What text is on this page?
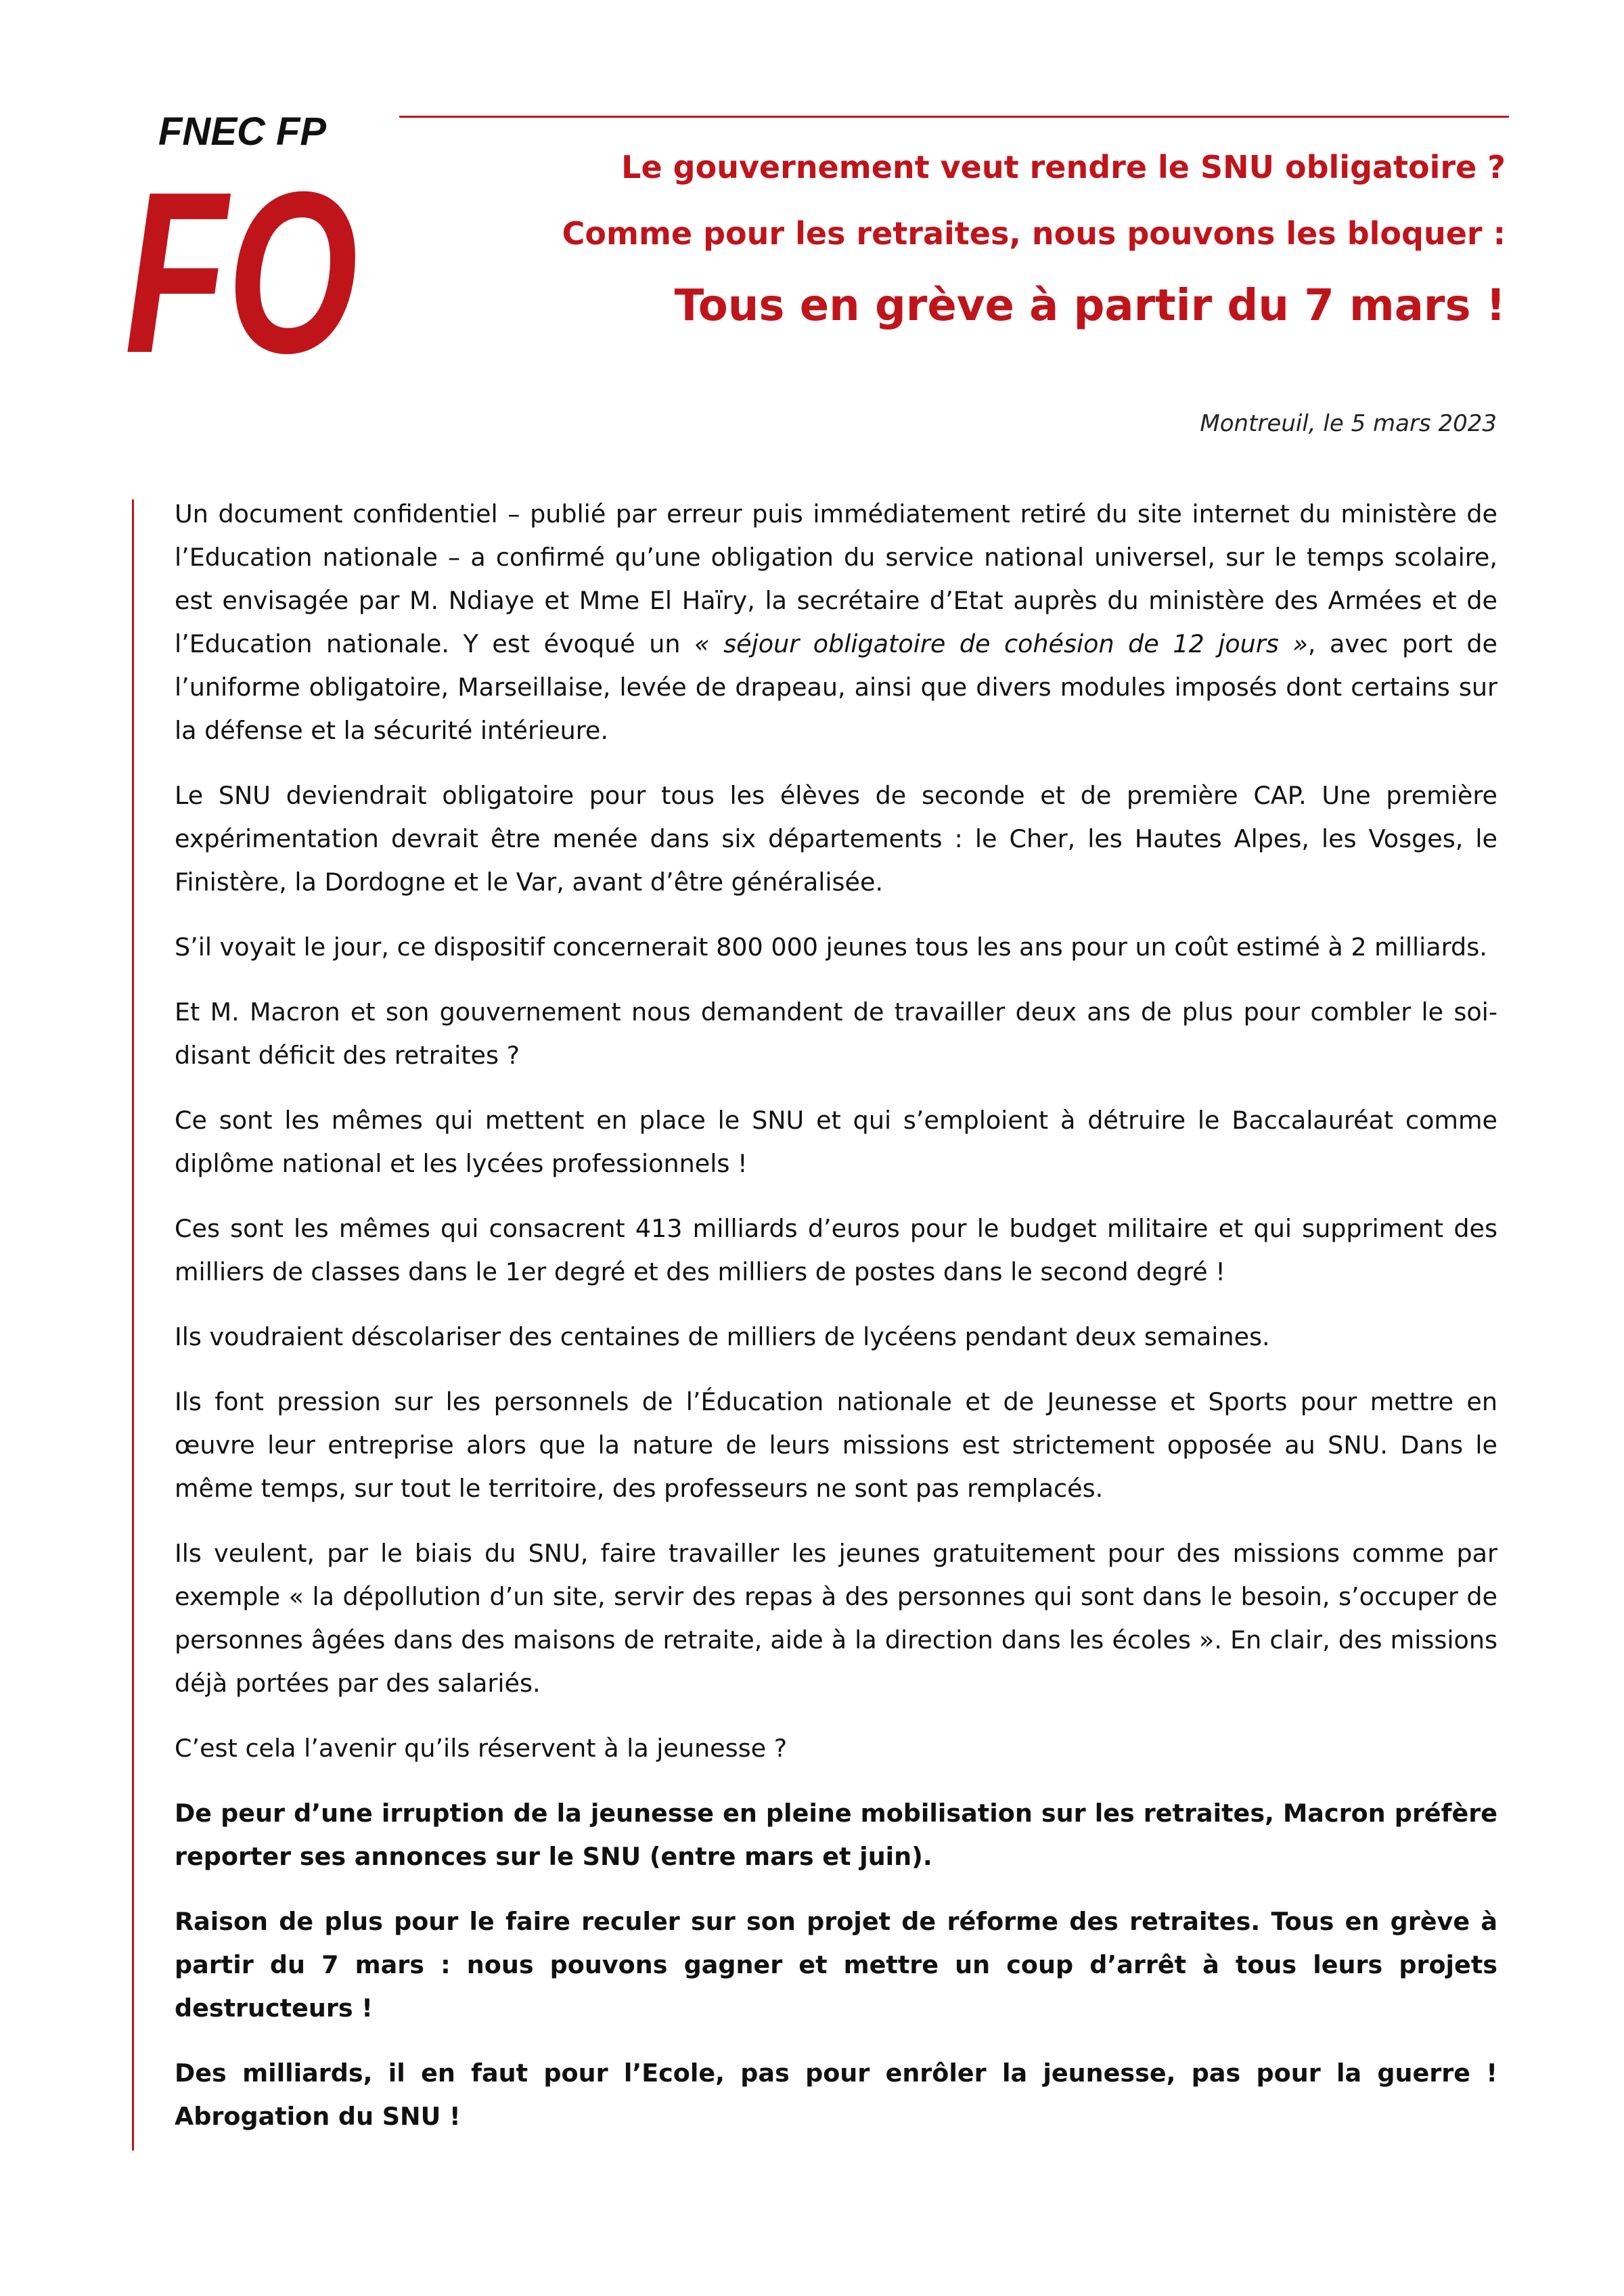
FNEC FP
FO	Le gouvernement veut rendre le SNU obligatoire ?
Comme pour les retraites, nous pouvons les bloquer :
Tous en grève à partir du 7 mars !
Montreuil, le 5 mars 2023

Un document confidentiel – publié par erreur puis immédiatement retiré du site internet du ministère de l’Education nationale – a confirmé qu’une obligation du service national universel, sur le temps scolaire, est envisagée par M. Ndiaye et Mme El Haïry, la secrétaire d’Etat auprès du ministère des Armées et de l’Education nationale. Y est évoqué un « séjour obligatoire de cohésion de 12 jours », avec port de l’uniforme obligatoire, Marseillaise, levée de drapeau, ainsi que divers modules imposés dont certains sur la défense et la sécurité intérieure.

Le SNU deviendrait obligatoire pour tous les élèves de seconde et de première CAP. Une première expérimentation devrait être menée dans six départements : le Cher, les Hautes Alpes, les Vosges, le Finistère, la Dordogne et le Var, avant d’être généralisée.

S’il voyait le jour, ce dispositif concernerait 800 000 jeunes tous les ans pour un coût estimé à 2 milliards.

Et M. Macron et son gouvernement nous demandent de travailler deux ans de plus pour combler le soi-disant déficit des retraites ?

Ce sont les mêmes qui mettent en place le SNU et qui s’emploient à détruire le Baccalauréat comme diplôme national et les lycées professionnels !

Ces sont les mêmes qui consacrent 413 milliards d’euros pour le budget militaire et qui suppriment des milliers de classes dans le 1er degré et des milliers de postes dans le second degré !

Ils voudraient déscolariser des centaines de milliers de lycéens pendant deux semaines.

Ils font pression sur les personnels de l’Éducation nationale et de Jeunesse et Sports pour mettre en œuvre leur entreprise alors que la nature de leurs missions est strictement opposée au SNU. Dans le même temps, sur tout le territoire, des professeurs ne sont pas remplacés.

Ils veulent, par le biais du SNU, faire travailler les jeunes gratuitement pour des missions comme par exemple « la dépollution d’un site, servir des repas à des personnes qui sont dans le besoin, s’occuper de personnes âgées dans des maisons de retraite, aide à la direction dans les écoles ». En clair, des missions déjà portées par des salariés.

C’est cela l’avenir qu’ils réservent à la jeunesse ?

De peur d’une irruption de la jeunesse en pleine mobilisation sur les retraites, Macron préfère reporter ses annonces sur le SNU (entre mars et juin).

Raison de plus pour le faire reculer sur son projet de réforme des retraites. Tous en grève à partir du 7 mars : nous pouvons gagner et mettre un coup d’arrêt à tous leurs projets destructeurs !

Des milliards, il en faut pour l’Ecole, pas pour enrôler la jeunesse, pas pour la guerre ! Abrogation du SNU !
